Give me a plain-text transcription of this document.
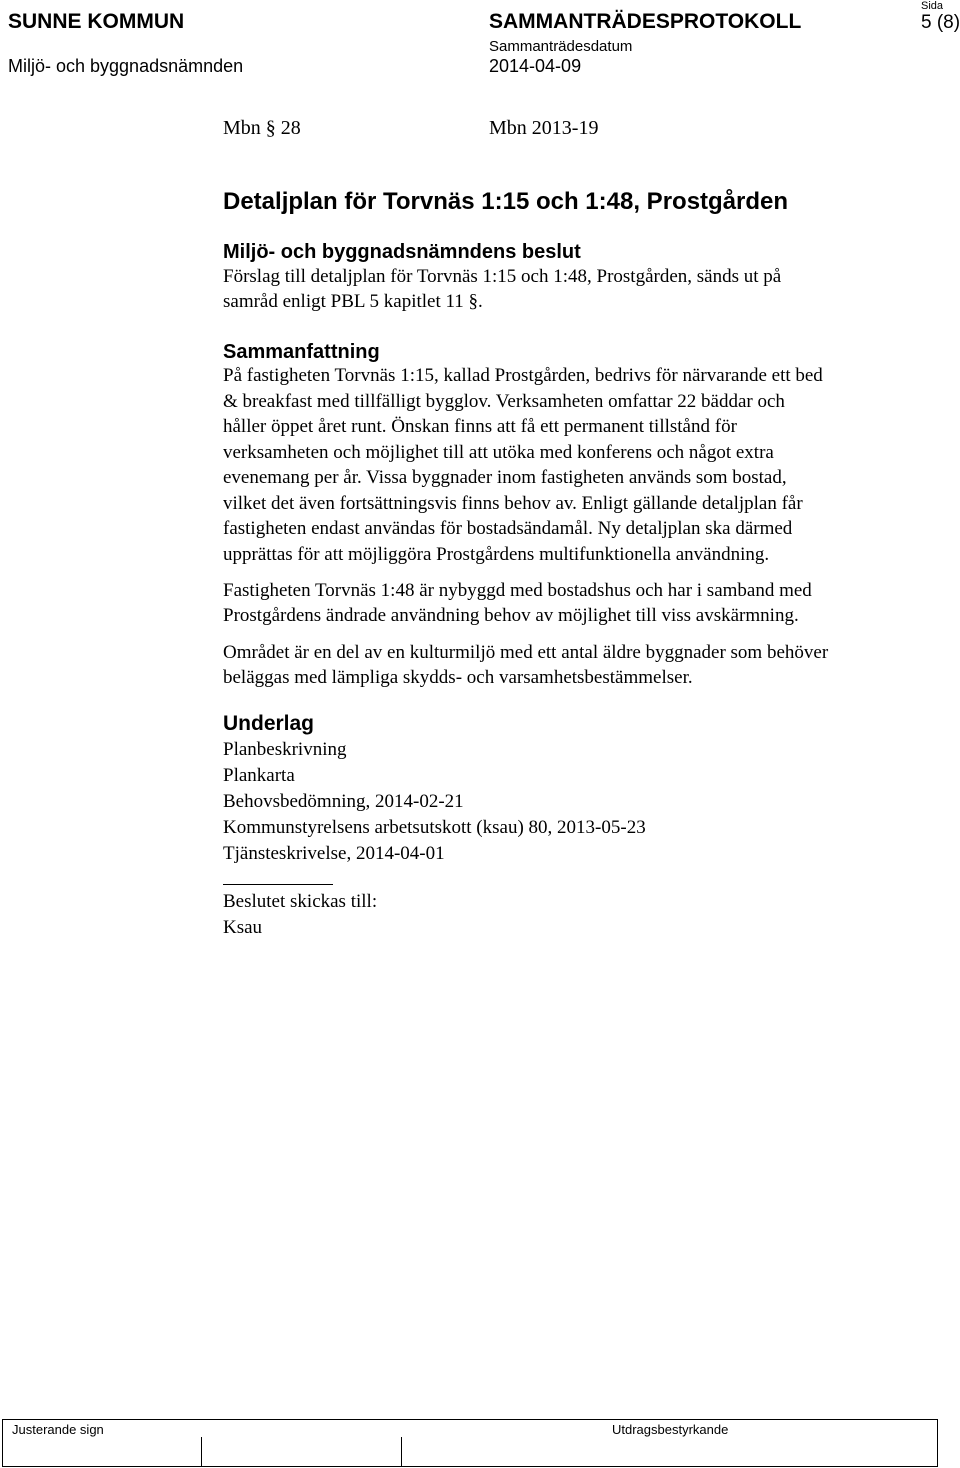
SUNNE KOMMUN
Miljö- och byggnadsnämnden
SAMMANTRÄDESPROTOKOLL
Sammanträdesdatum
2014-04-09
Sida
5 (8)
Mbn § 28	Mbn 2013-19
Detaljplan för Torvnäs 1:15 och 1:48, Prostgården
Miljö- och byggnadsnämndens beslut
Förslag till detaljplan för Torvnäs 1:15 och 1:48, Prostgården, sänds ut på
samråd enligt PBL 5 kapitlet 11 §.
Sammanfattning
På fastigheten Torvnäs 1:15, kallad Prostgården, bedrivs för närvarande ett bed
& breakfast med tillfälligt bygglov. Verksamheten omfattar 22 bäddar och
håller öppet året runt. Önskan finns att få ett permanent tillstånd för
verksamheten och möjlighet till att utöka med konferens och något extra
evenemang per år. Vissa byggnader inom fastigheten används som bostad,
vilket det även fortsättningsvis finns behov av. Enligt gällande detaljplan får
fastigheten endast användas för bostadsändamål. Ny detaljplan ska därmed
upprättas för att möjliggöra Prostgårdens multifunktionella användning.
Fastigheten Torvnäs 1:48 är nybyggd med bostadshus och har i samband med
Prostgårdens ändrade användning behov av möjlighet till viss avskärmning.
Området är en del av en kulturmiljö med ett antal äldre byggnader som behöver
beläggas med lämpliga skydds- och varsamhetsbestämmelser.
Underlag
Planbeskrivning
Plankarta
Behovsbedömning, 2014-02-21
Kommunstyrelsens arbetsutskott (ksau) 80, 2013-05-23
Tjänsteskrivelse, 2014-04-01
Beslutet skickas till:
Ksau
Justerande sign	Utdragsbestyrkande
